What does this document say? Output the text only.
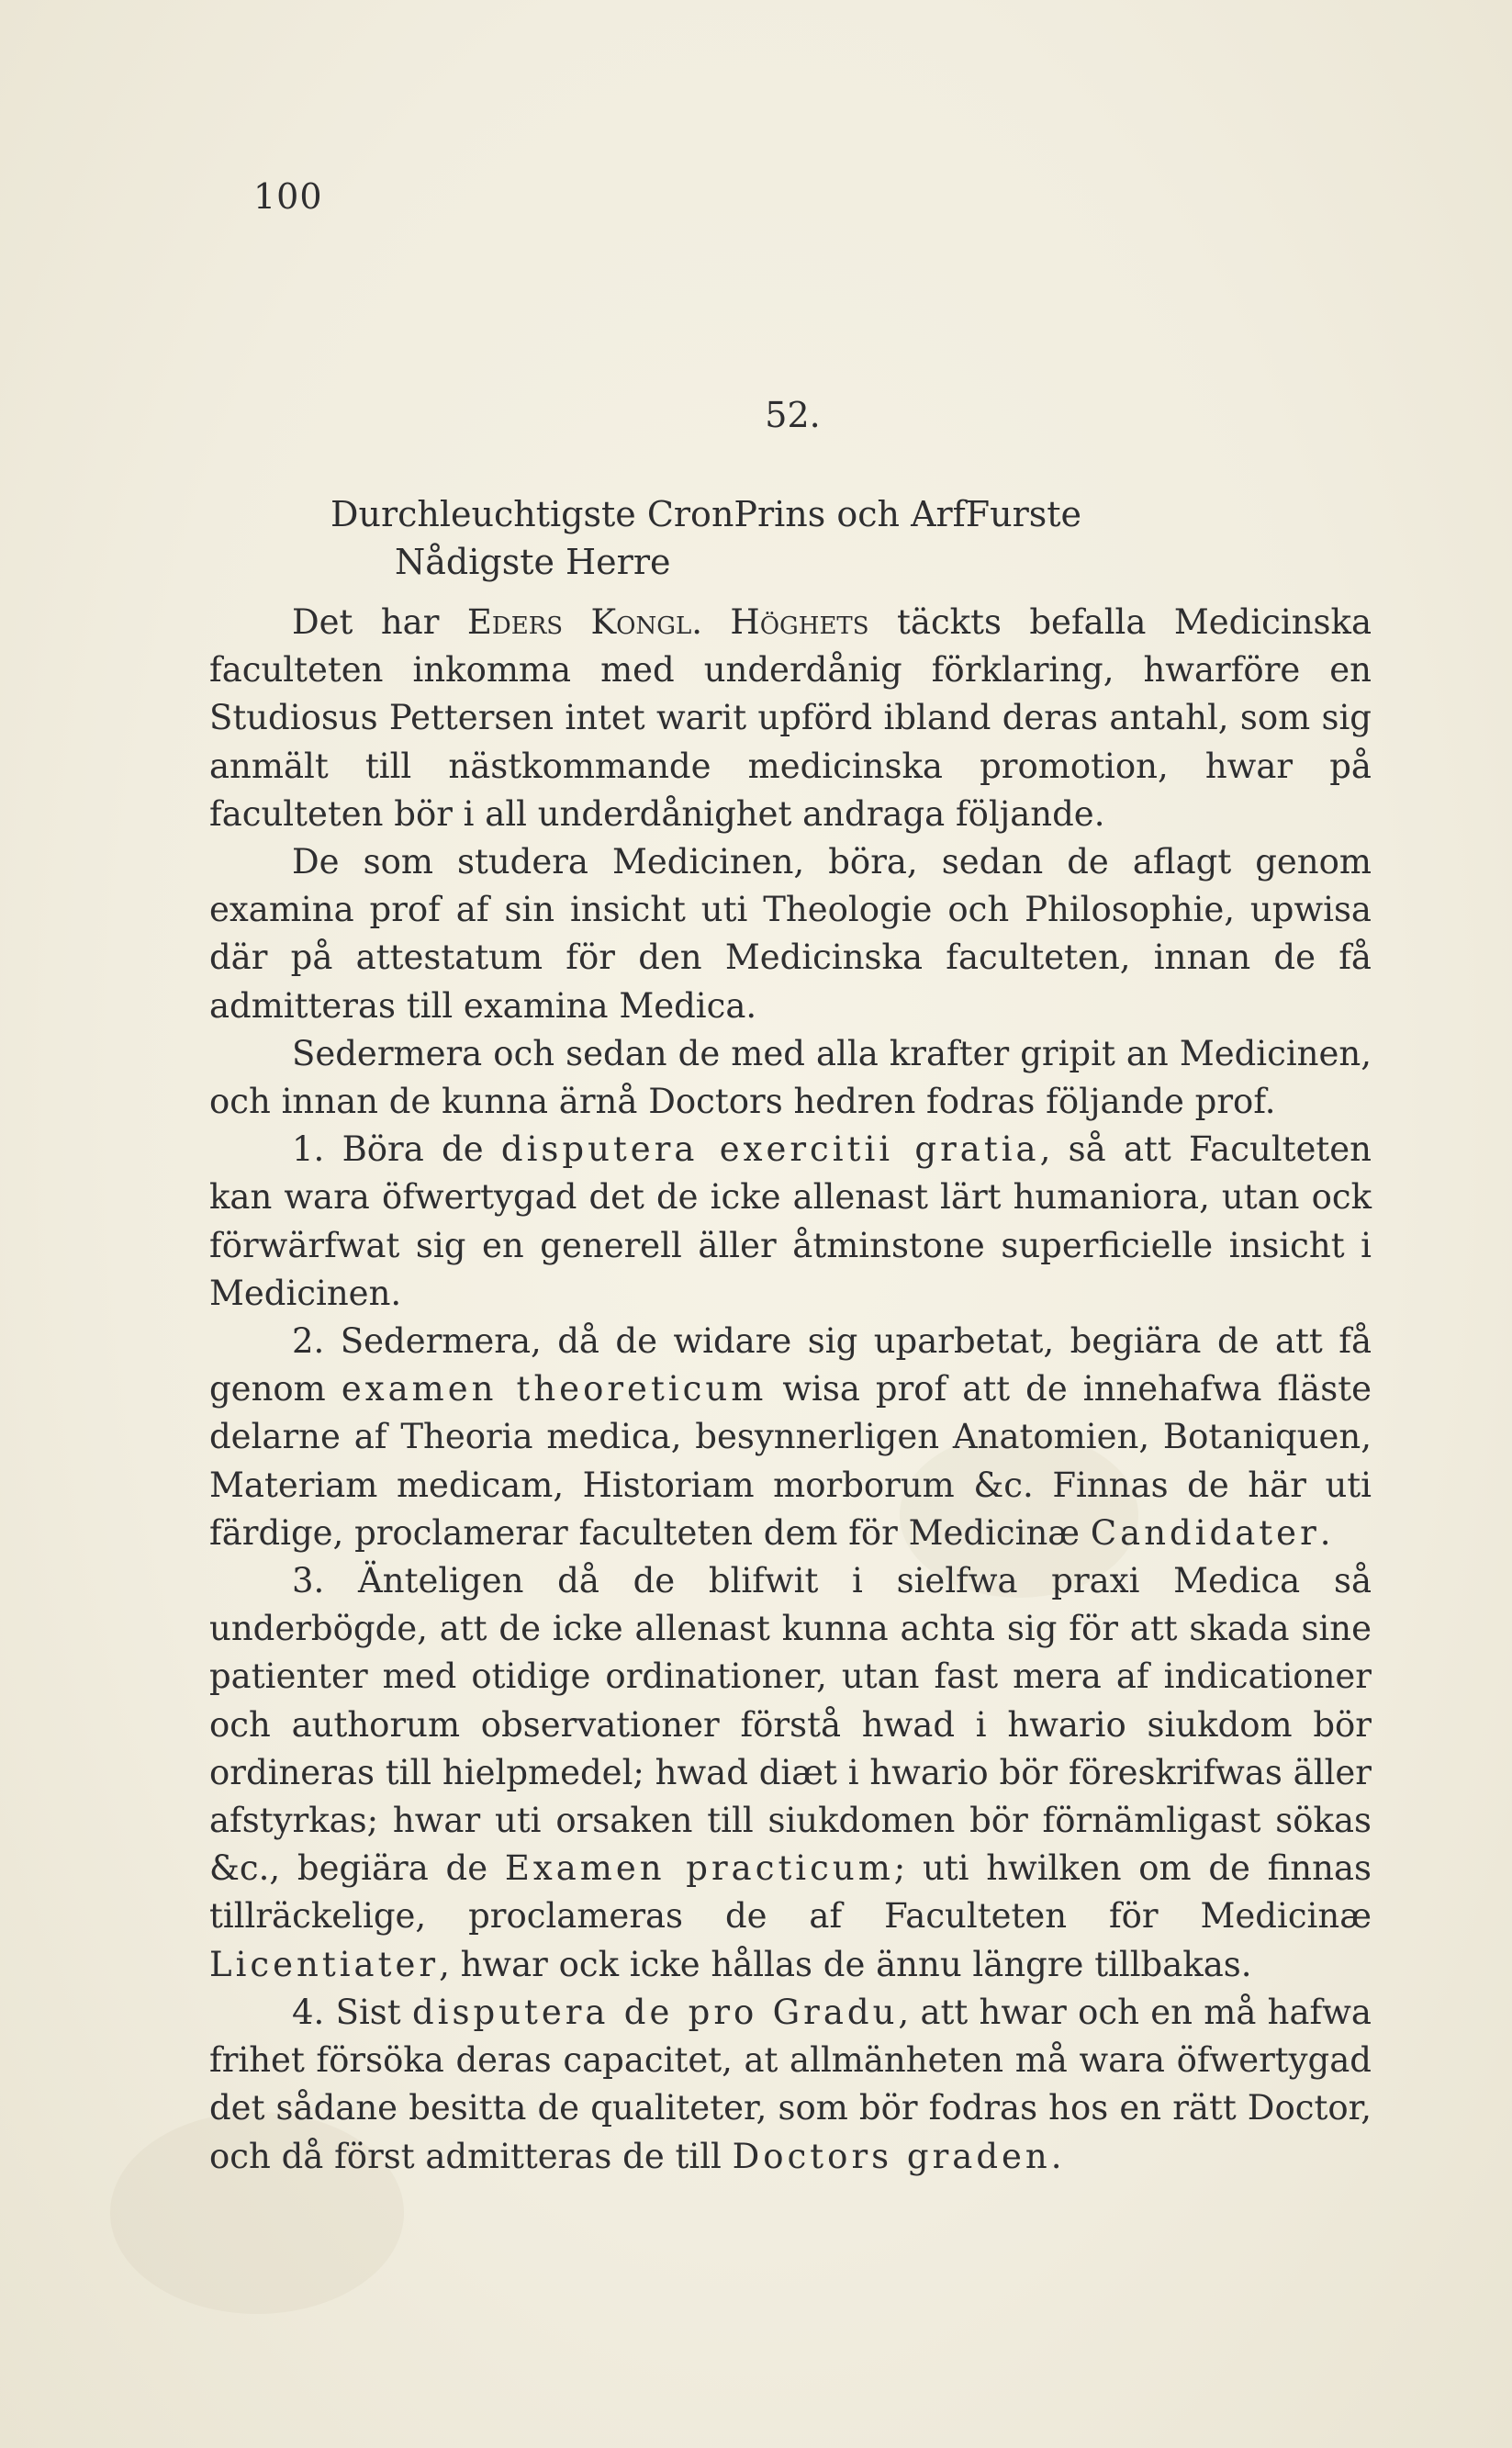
100
52.
Durchleuchtigste CronPrins och ArfFurste
Nådigste Herre

Det har Eders Kongl. Höghets täckts befalla Medicinska faculteten inkomma med underdånig förklaring, hwarföre en Studiosus Pettersen intet warit upförd ibland deras antahl, som sig anmält till nästkommande medicinska promotion, hwar på faculteten bör i all underdånighet andraga följande.

De som studera Medicinen, böra, sedan de aflagt genom examina prof af sin insicht uti Theologie och Philosophie, upwisa där på attestatum för den Medicinska faculteten, innan de få admitteras till examina Medica.

Sedermera och sedan de med alla krafter gripit an Medicinen, och innan de kunna ärnå Doctors hedren fodras följande prof.

1. Böra de disputera exercitii gratia, så att Faculteten kan wara öfwertygad det de icke allenast lärt humaniora, utan ock förwärfwat sig en generell äller åtminstone superficielle insicht i Medicinen.

2. Sedermera, då de widare sig uparbetat, begiära de att få genom examen theoreticum wisa prof att de innehafwa fläste delarne af Theoria medica, besynnerligen Anatomien, Botaniquen, Materiam medicam, Historiam morborum &c. Finnas de här uti färdige, proclamerar faculteten dem för Medicinæ Candidater.

3. Änteligen då de blifwit i sielfwa praxi Medica så underbögde, att de icke allenast kunna achta sig för att skada sine patienter med otidige ordinationer, utan fast mera af indicationer och authorum observationer förstå hwad i hwario siukdom bör ordineras till hielpmedel; hwad diæt i hwario bör föreskrifwas äller afstyrkas; hwar uti orsaken till siukdomen bör förnämligast sökas &c., begiära de Examen practicum; uti hwilken om de finnas tillräckelige, proclameras de af Faculteten för Medicinæ Licentiater, hwar ock icke hållas de ännu längre tillbakas.

4. Sist disputera de pro Gradu, att hwar och en må hafwa frihet försöka deras capacitet, at allmänheten må wara öfwertygad det sådane besitta de qualiteter, som bör fodras hos en rätt Doctor, och då först admitteras de till Doctors graden.
